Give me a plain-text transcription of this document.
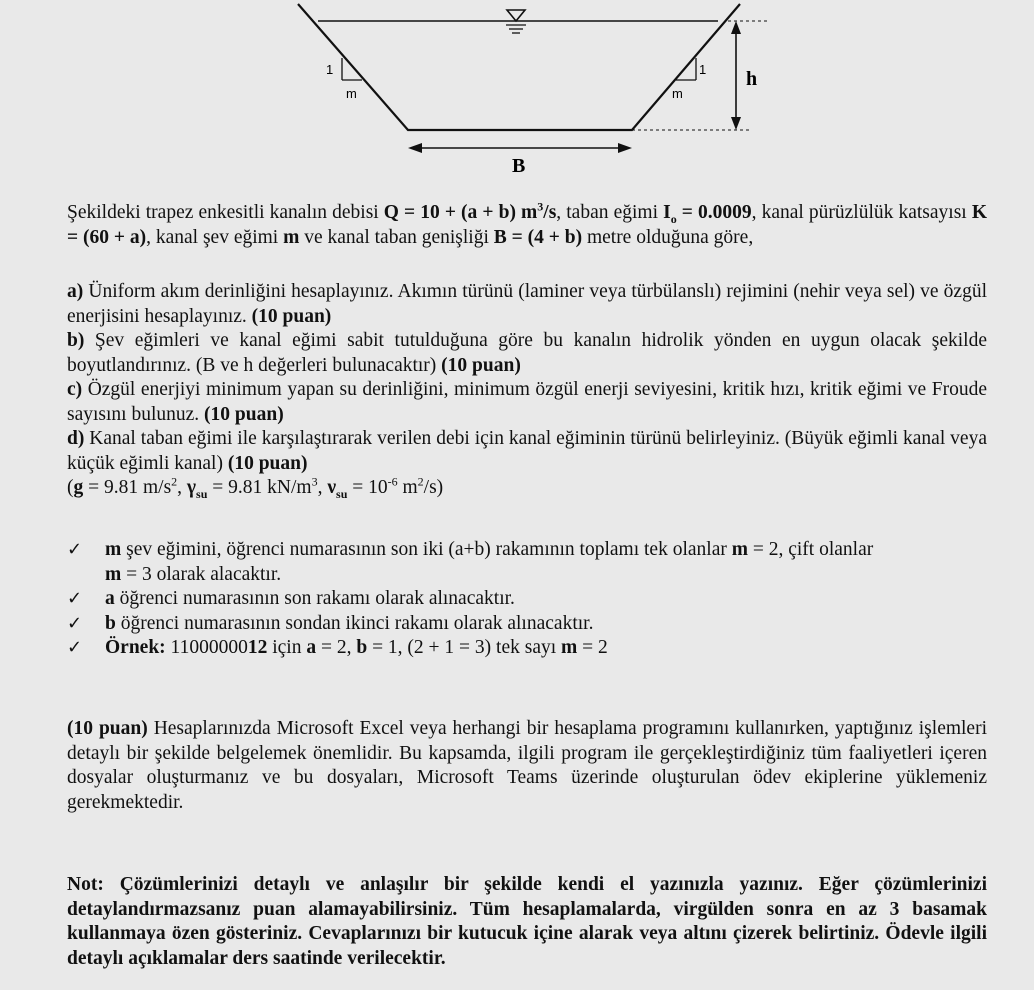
1
m
1
m
h
B

Şekildeki trapez enkesitli kanalın debisi Q = 10 + (a + b) $m^3/s$, taban eğimi $I_o = 0.0009$, kanal pürüzlülük katsayısı K = (60 + a), kanal şev eğimi m ve kanal taban genişliği B = (4 + b) metre olduğuna göre,

a) Üniform akım derinliğini hesaplayınız. Akımın türünü (laminer veya türbülanslı) rejimini (nehir veya sel) ve özgül enerjisini hesaplayınız. (10 puan)

b) Şev eğimleri ve kanal eğimi sabit tutulduğuna göre bu kanalın hidrolik yönden en uygun olacak şekilde boyutlandırınız. (B ve h değerleri bulunacaktır) (10 puan)

c) Özgül enerjiyi minimum yapan su derinliğini, minimum özgül enerji seviyesini, kritik hızı, kritik eğimi ve Froude sayısını bulunuz. (10 puan)

d) Kanal taban eğimi ile karşılaştırarak verilen debi için kanal eğiminin türünü belirleyiniz. (Büyük eğimli kanal veya küçük eğimli kanal) (10 puan)

(g = 9.81 $m/s^2$, $\gamma_{su} = 9.81$ $kN/m^3$, $\nu_{su} = 10^{-6}$ $m^2/s$)

✓	m şev eğimini, öğrenci numarasının son iki (a+b) rakamının toplamı tek olanlar m = 2, çift olanlar
m = 3 olarak alacaktır.
✓	a öğrenci numarasının son rakamı olarak alınacaktır.
✓	b öğrenci numarasının sondan ikinci rakamı olarak alınacaktır.
✓	Örnek: 1100000012 için a = 2, b = 1, (2 + 1 = 3) tek sayı m = 2

(10 puan) Hesaplarınızda Microsoft Excel veya herhangi bir hesaplama programını kullanırken, yaptığınız işlemleri detaylı bir şekilde belgelemek önemlidir. Bu kapsamda, ilgili program ile gerçekleştirdiğiniz tüm faaliyetleri içeren dosyalar oluşturmanız ve bu dosyaları, Microsoft Teams üzerinde oluşturulan ödev ekiplerine yüklemeniz gerekmektedir.

Not: Çözümlerinizi detaylı ve anlaşılır bir şekilde kendi el yazınızla yazınız. Eğer çözümlerinizi detaylandırmazsanız puan alamayabilirsiniz. Tüm hesaplamalarda, virgülden sonra en az 3 basamak kullanmaya özen gösteriniz. Cevaplarınızı bir kutucuk içine alarak veya altını çizerek belirtiniz. Ödevle ilgili detaylı açıklamalar ders saatinde verilecektir.
